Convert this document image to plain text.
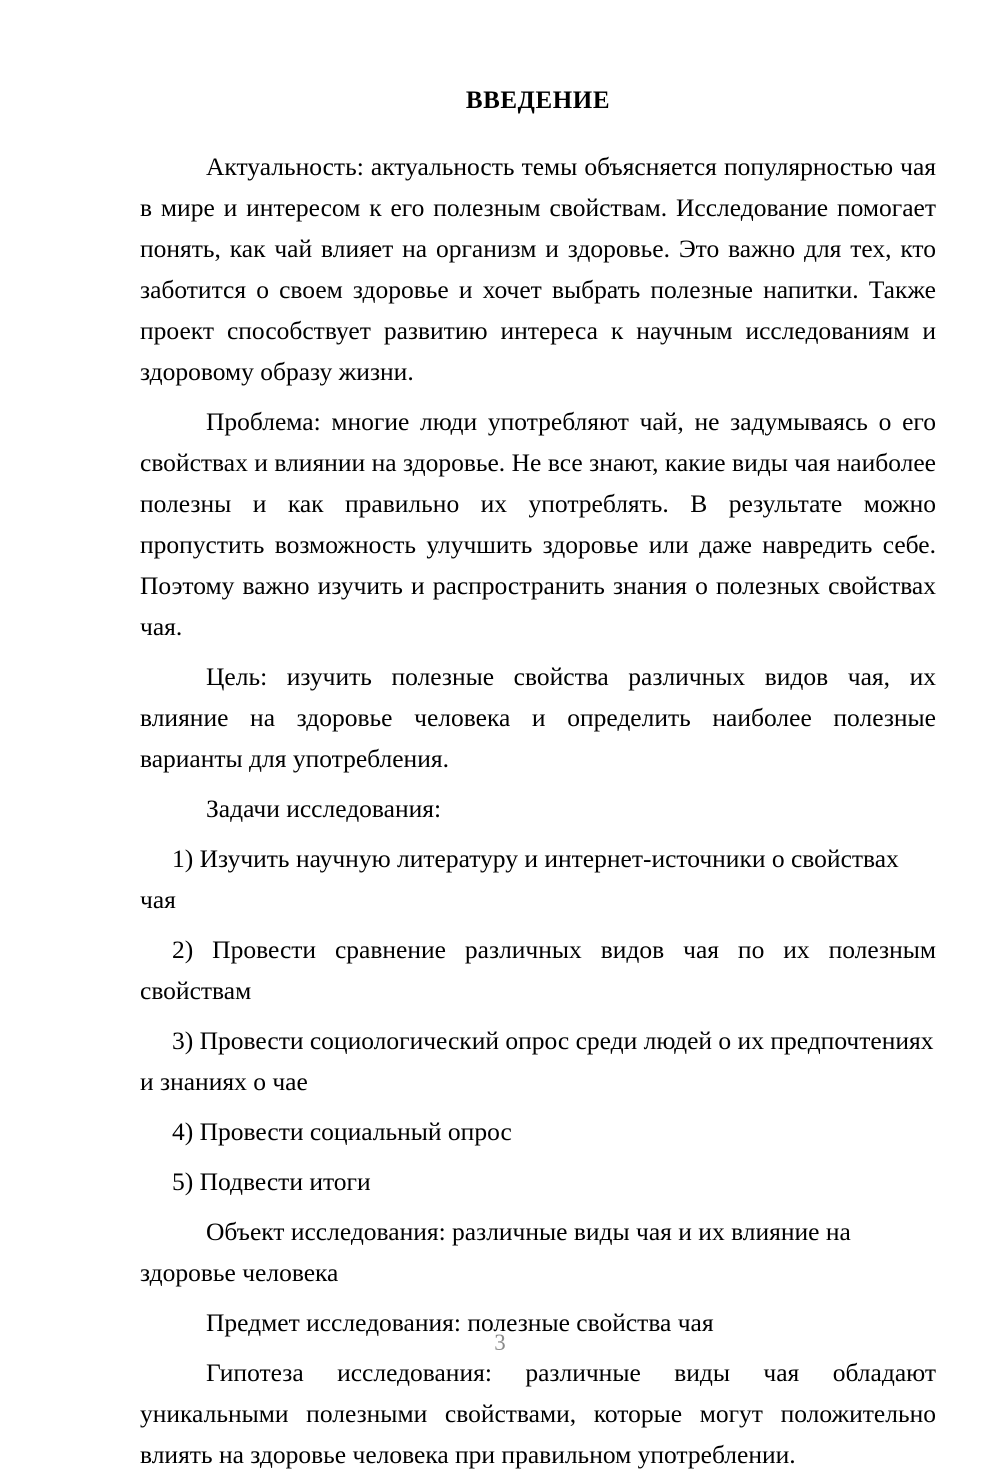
ВВЕДЕНИЕ

Актуальность: актуальность темы объясняется популярностью чая в мире и интересом к его полезным свойствам. Исследование помогает понять, как чай влияет на организм и здоровье. Это важно для тех, кто заботится о своем здоровье и хочет выбрать полезные напитки. Также проект способствует развитию интереса к научным исследованиям и здоровому образу жизни.

Проблема: многие люди употребляют чай, не задумываясь о его свойствах и влиянии на здоровье. Не все знают, какие виды чая наиболее полезны и как правильно их употреблять. В результате можно пропустить возможность улучшить здоровье или даже навредить себе. Поэтому важно изучить и распространить знания о полезных свойствах чая.

Цель: изучить полезные свойства различных видов чая, их влияние на здоровье человека и определить наиболее полезные варианты для употребления.

Задачи исследования:

1) Изучить научную литературу и интернет-источники о свойствах чая

2) Провести сравнение различных видов чая по их полезным свойствам

3) Провести социологический опрос среди людей о их предпочтениях и знаниях о чае

4) Провести социальный опрос

5) Подвести итоги

Объект исследования: различные виды чая и их влияние на здоровье человека

Предмет исследования: полезные свойства чая

Гипотеза исследования: различные виды чая обладают уникальными полезными свойствами, которые могут положительно влиять на здоровье человека при правильном употреблении.

3
